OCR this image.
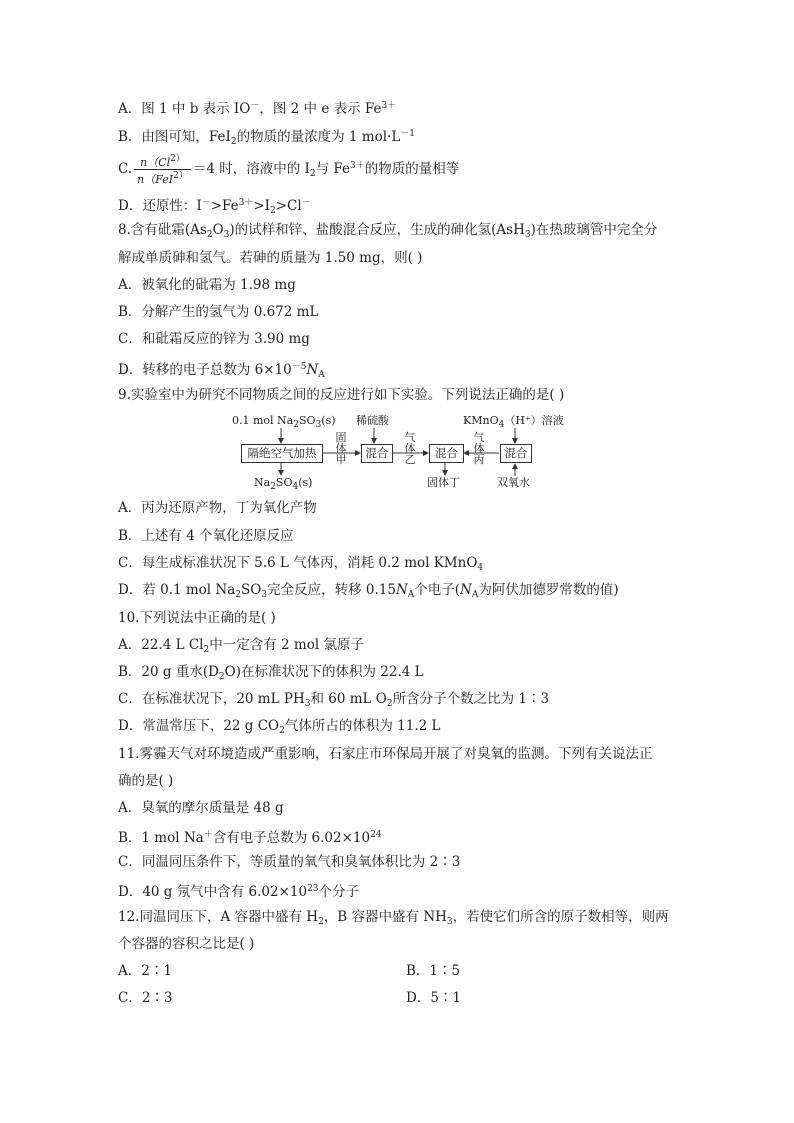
A．图 1 中 b 表示 IO－，图 2 中 e 表示 $Fe^{3+}$
B．由图可知，FeI$_2$的物质的量浓度为 1 $mol\cdot L^{-1}$
C. $\frac{n(Cl^{2)}}{n(FeI^{2)}} =4$ 时，溶液中的 $I_2$与 $Fe^{3+}$的物质的量相等
D．还原性：$I^->Fe^{3+}>I_2>Cl^-$
8.含有砒霜$(As_2O_3)$的试样和锌、盐酸混合反应，生成的砷化氢(AsH$_3$)在热玻璃管中完全分
解成单质砷和氢气。若砷的质量为 1.50 mg，则( )
A．被氧化的砒霜为 1.98 mg
B．分解产生的氢气为 0.672 mL
C．和砒霜反应的锌为 3.90 mg
D．转移的电子总数为 $6\times 10^{-5}N_A$
9.实验室中为研究不同物质之间的反应进行如下实验。下列说法正确的是( )
0.1 mol $Na_2SO_3(s)$
隔绝空气加热
$Na_2SO_4(s)$
固
体
甲
稀硫酸
混合
气
体
乙	混合
固体丁
KMnO$_4$（H⁺）溶液
气
体
丙	混合
双氧水
A．丙为还原产物，丁为氧化产物
B．上述有 4 个氧化还原反应
C．每生成标准状况下 5.6 L 气体丙，消耗 0.2 mol KMnO$_4$
D．若 0.1 mol $Na_2SO_3$完全反应，转移 $0.15N_A$个电子($N_A$为阿伏加德罗常数的值)
10.下列说法中正确的是( )
A．22.4 L $Cl_2$中一定含有 2 mol 氯原子
B．20 g 重水$(D_2O)$在标准状况下的体积为 22.4 L
C．在标准状况下，20 mL $PH_3$和 60 mL $O_2$所含分子个数之比为 1∶3
D．常温常压下，22 g $CO_2$气体所占的体积为 11.2 L
11.雾霾天气对环境造成严重影响，石家庄市环保局开展了对臭氧的监测。下列有关说法正
确的是( )
A．臭氧的摩尔质量是 48 g
B．1 mol Na＋含有电子总数为 $6.02\times 10^{24}$
C．同温同压条件下，等质量的氧气和臭氧体积比为 2∶3
D．40 g 氖气中含有 $6.02\times 10^{23}$个分子
12.同温同压下，A 容器中盛有 $H_2$，B 容器中盛有 $NH_3$，若使它们所含的原子数相等，则两
个容器的容积之比是( )
A．2∶1	B．1∶5
C．2∶3	D．5∶1
